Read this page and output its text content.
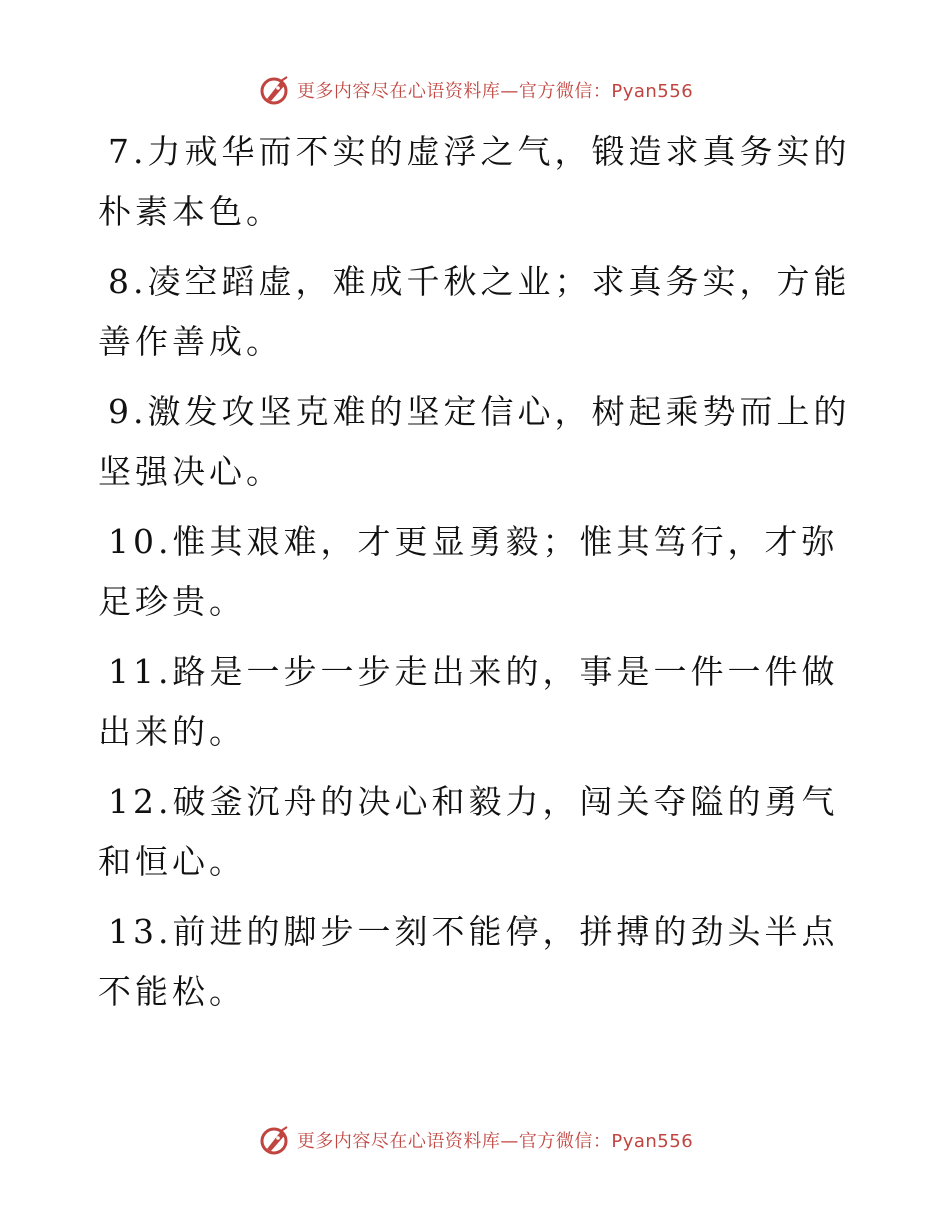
更多内容尽在心语资料库—官方微信：Pyan556

7.力戒华而不实的虚浮之气，锻造求真务实的朴素本色。

8.凌空蹈虚，难成千秋之业；求真务实，方能善作善成。

9.激发攻坚克难的坚定信心，树起乘势而上的坚强决心。

10.惟其艰难，才更显勇毅；惟其笃行，才弥足珍贵。

11.路是一步一步走出来的，事是一件一件做出来的。

12.破釜沉舟的决心和毅力，闯关夺隘的勇气和恒心。

13.前进的脚步一刻不能停，拼搏的劲头半点不能松。

更多内容尽在心语资料库—官方微信：Pyan556
